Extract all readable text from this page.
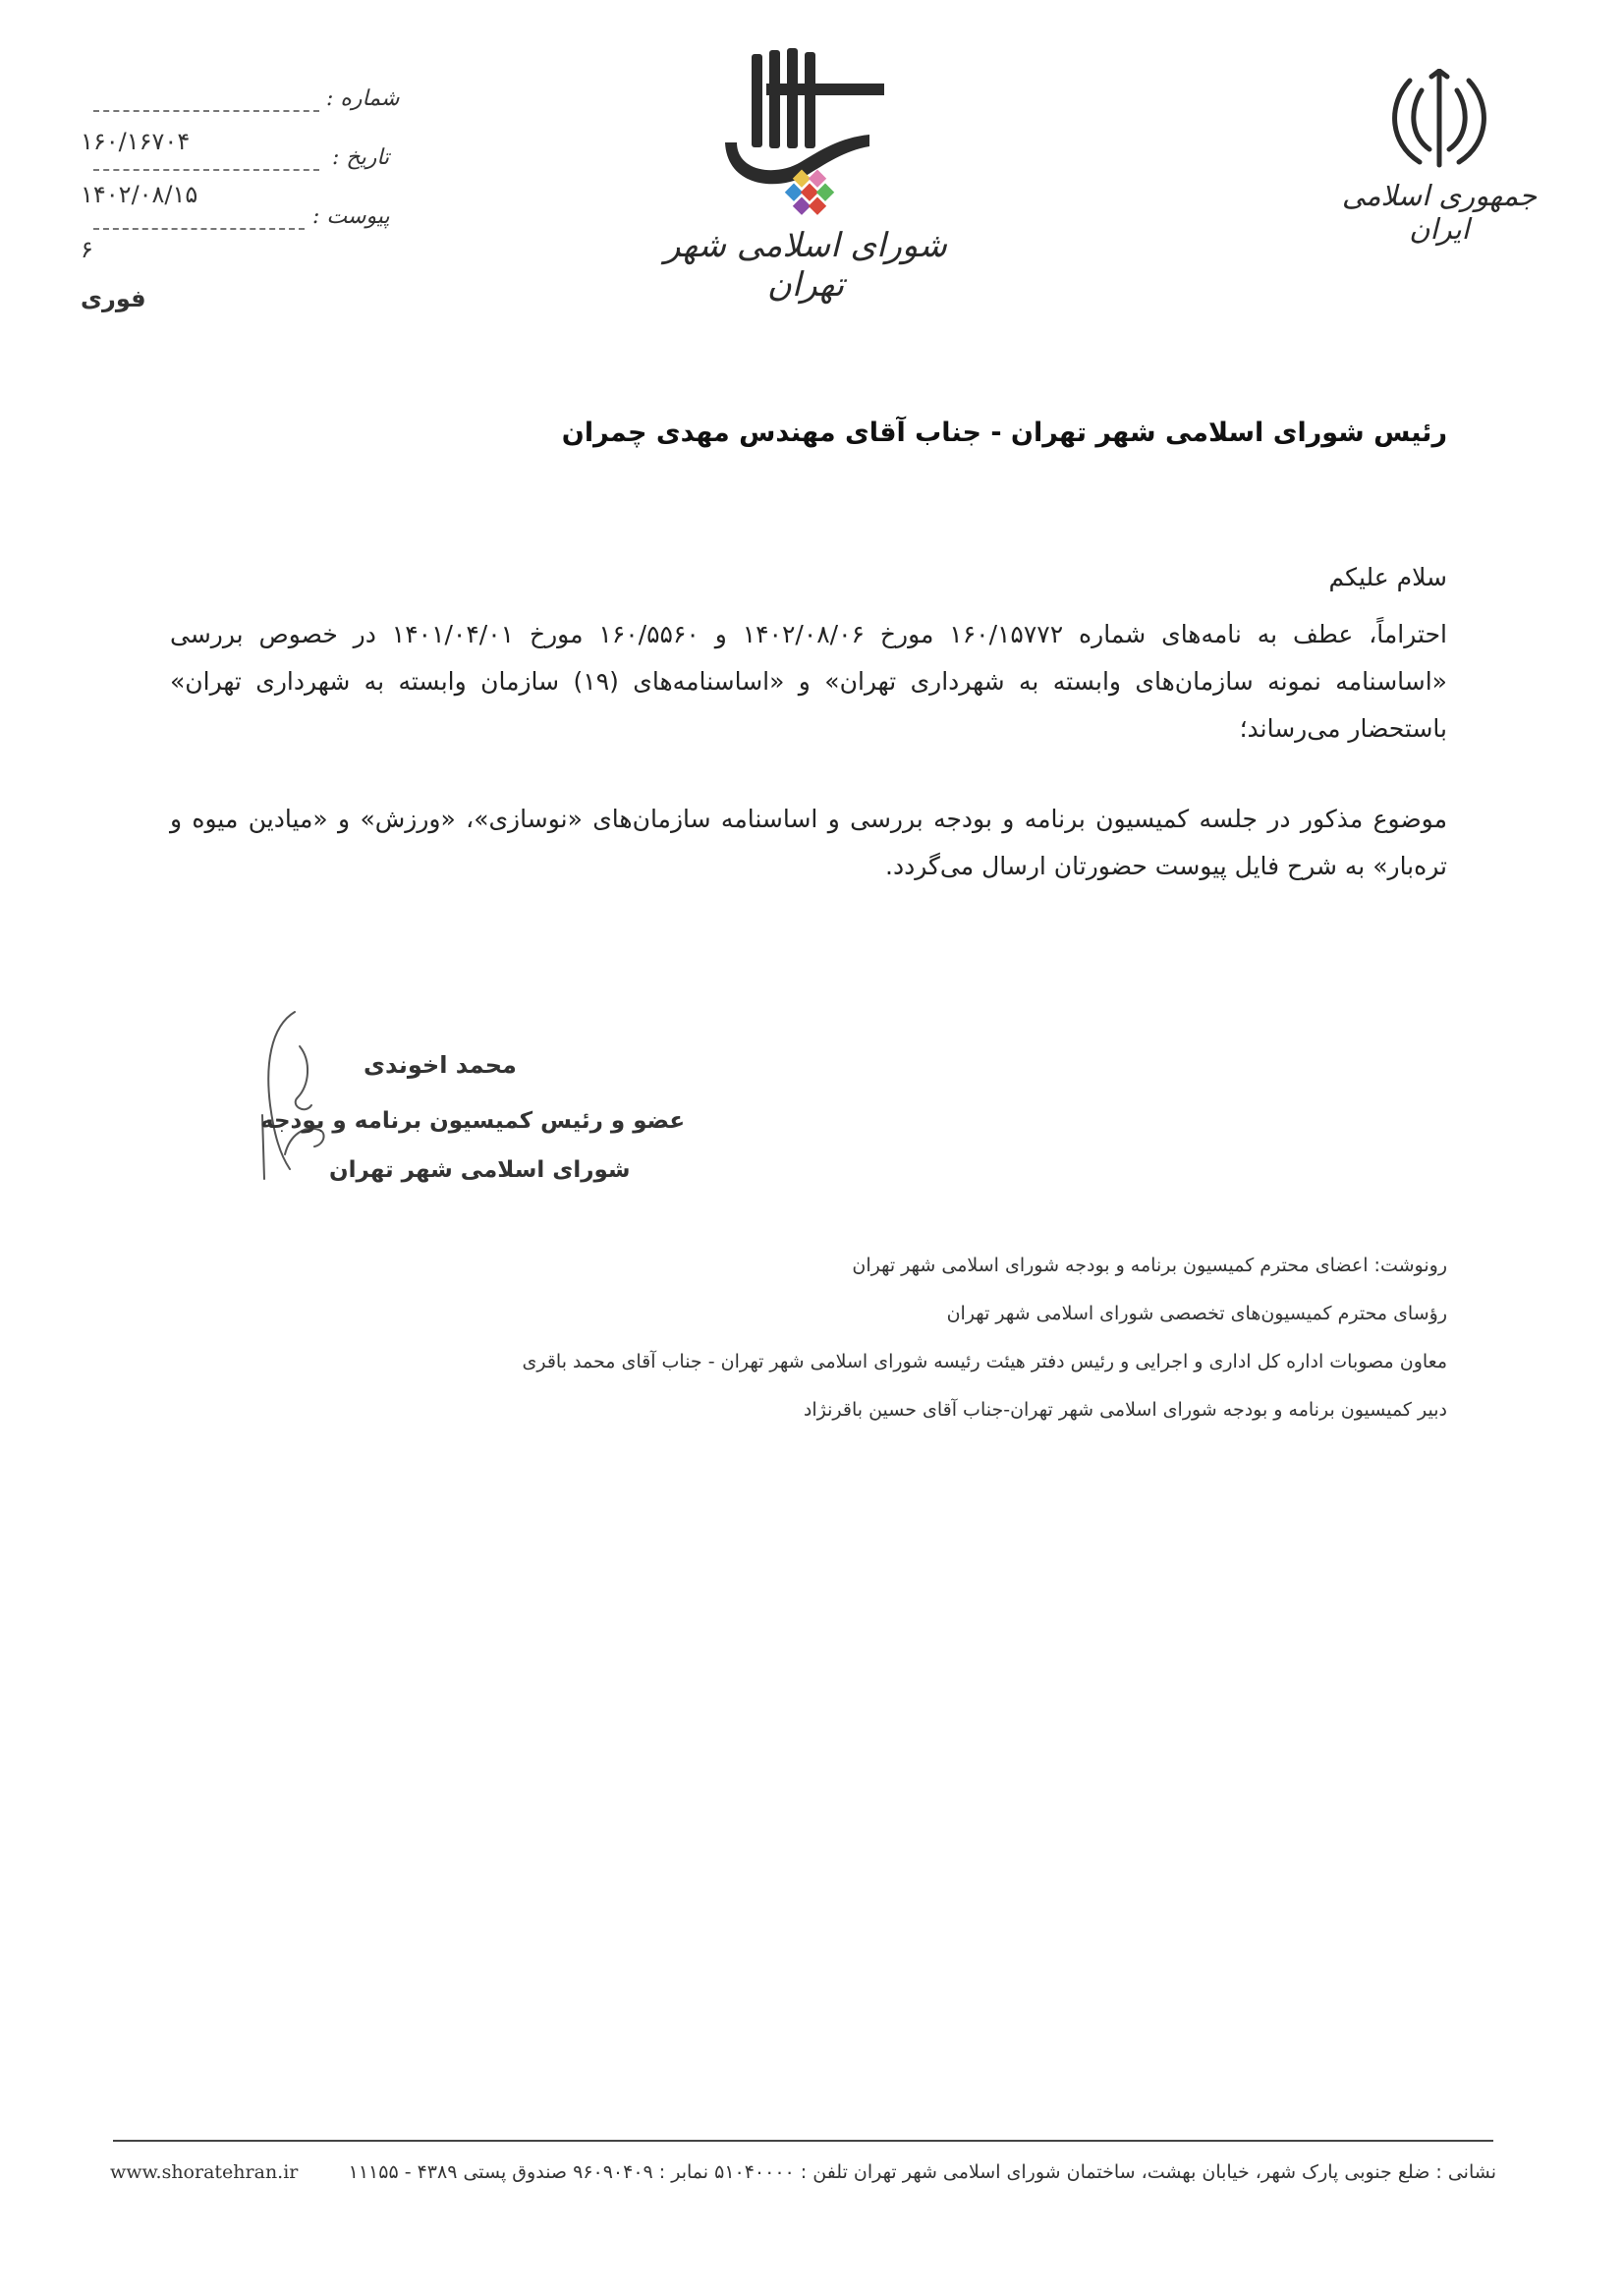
جمهوری اسلامی ایران
شورای اسلامی شهر تهران
شماره :
۱۶۰/۱۶۷۰۴
تاریخ :
۱۴۰۲/۰۸/۱۵
پیوست :
۶
فوری
رئیس شورای اسلامی شهر تهران - جناب آقای مهندس مهدی چمران
سلام علیکم
احتراماً، عطف به نامه‌های شماره ۱۶۰/۱۵۷۷۲ مورخ ۱۴۰۲/۰۸/۰۶ و ۱۶۰/۵۵۶۰ مورخ ۱۴۰۱/۰۴/۰۱ در خصوص بررسی «اساسنامه نمونه سازمان‌های وابسته به شهرداری تهران» و «اساسنامه‌های (۱۹) سازمان وابسته به شهرداری تهران» باستحضار می‌رساند؛
موضوع مذکور در جلسه کمیسیون برنامه و بودجه بررسی و اساسنامه سازمان‌های «نوسازی»، «ورزش» و «میادین میوه و تره‌بار» به شرح فایل پیوست حضورتان ارسال می‌گردد.
محمد اخوندی
عضو و رئیس کمیسیون برنامه و بودجه
شورای اسلامی شهر تهران
رونوشت: اعضای محترم کمیسیون برنامه و بودجه شورای اسلامی شهر تهران
رؤسای محترم کمیسیون‌های تخصصی شورای اسلامی شهر تهران
معاون مصوبات اداره کل اداری و اجرایی و رئیس دفتر هیئت رئیسه شورای اسلامی شهر تهران - جناب آقای محمد باقری
دبیر کمیسیون برنامه و بودجه شورای اسلامی شهر تهران-جناب آقای حسین باقرنژاد
نشانی : ضلع جنوبی پارک شهر، خیابان بهشت، ساختمان شورای اسلامی شهر تهران تلفن : ۵۱۰۴۰۰۰۰ نمابر : ۹۶۰۹۰۴۰۹ صندوق پستی ۴۳۸۹ - ۱۱۱۵۵
www.shoratehran.ir
